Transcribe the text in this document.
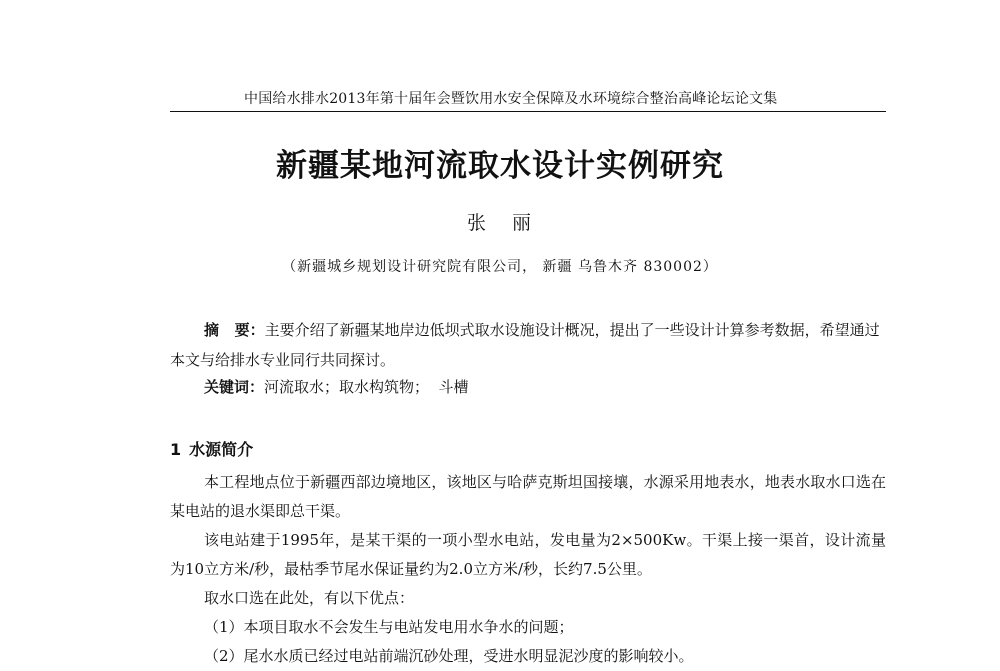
中国给水排水2013年第十届年会暨饮用水安全保障及水环境综合整治高峰论坛论文集
新疆某地河流取水设计实例研究
张   丽
（新疆城乡规划设计研究院有限公司， 新疆 乌鲁木齐 830002）
摘   要：主要介绍了新疆某地岸边低坝式取水设施设计概况，提出了一些设计计算参考数据，希望通过本文与给排水专业同行共同探讨。
关键词：河流取水；取水构筑物；  斗槽
1 水源简介

本工程地点位于新疆西部边境地区，该地区与哈萨克斯坦国接壤，水源采用地表水，地表水取水口选在某电站的退水渠即总干渠。

该电站建于1995年，是某干渠的一项小型水电站，发电量为2×500Kw。干渠上接一渠首，设计流量为10立方米/秒，最枯季节尾水保证量约为2.0立方米/秒，长约7.5公里。

取水口选在此处，有以下优点：

（1）本项目取水不会发生与电站发电用水争水的问题；

（2）尾水水质已经过电站前端沉砂处理，受进水明显泥沙度的影响较小。
